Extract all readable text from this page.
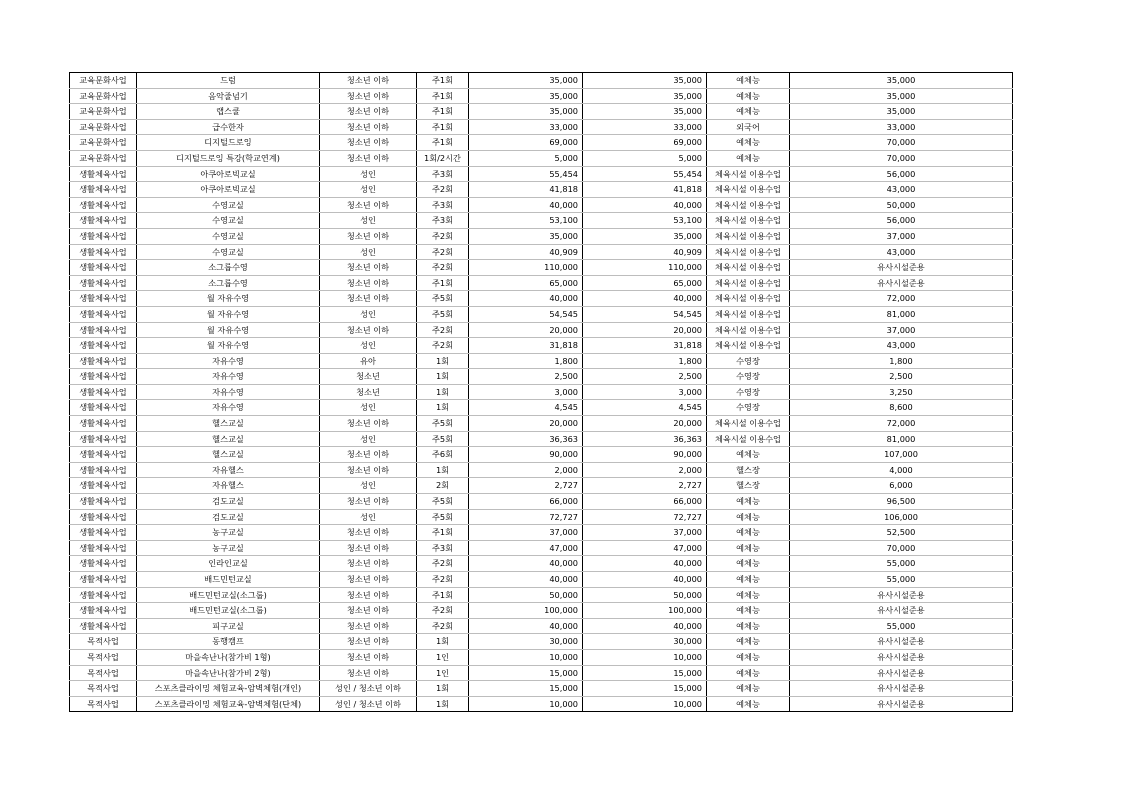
교육문화사업	드럼	청소년 이하	주1회	35,000	35,000	예체능	35,000
교육문화사업	음악줄넘기	청소년 이하	주1회	35,000	35,000	예체능	35,000
교육문화사업	랩스쿨	청소년 이하	주1회	35,000	35,000	예체능	35,000
교육문화사업	급수한자	청소년 이하	주1회	33,000	33,000	외국어	33,000
교육문화사업	디지털드로잉	청소년 이하	주1회	69,000	69,000	예체능	70,000
교육문화사업	디지털드로잉 특강(학교연계)	청소년 이하	1회/2시간	5,000	5,000	예체능	70,000
생활체육사업	아쿠아로빅교실	성인	주3회	55,454	55,454	체육시설 이용수업	56,000
생활체육사업	아쿠아로빅교실	성인	주2회	41,818	41,818	체육시설 이용수업	43,000
생활체육사업	수영교실	청소년 이하	주3회	40,000	40,000	체육시설 이용수업	50,000
생활체육사업	수영교실	성인	주3회	53,100	53,100	체육시설 이용수업	56,000
생활체육사업	수영교실	청소년 이하	주2회	35,000	35,000	체육시설 이용수업	37,000
생활체육사업	수영교실	성인	주2회	40,909	40,909	체육시설 이용수업	43,000
생활체육사업	소그룹수영	청소년 이하	주2회	110,000	110,000	체육시설 이용수업	유사시설준용
생활체육사업	소그룹수영	청소년 이하	주1회	65,000	65,000	체육시설 이용수업	유사시설준용
생활체육사업	월 자유수영	청소년 이하	주5회	40,000	40,000	체육시설 이용수업	72,000
생활체육사업	월 자유수영	성인	주5회	54,545	54,545	체육시설 이용수업	81,000
생활체육사업	월 자유수영	청소년 이하	주2회	20,000	20,000	체육시설 이용수업	37,000
생활체육사업	월 자유수영	성인	주2회	31,818	31,818	체육시설 이용수업	43,000
생활체육사업	자유수영	유아	1회	1,800	1,800	수영장	1,800
생활체육사업	자유수영	청소년	1회	2,500	2,500	수영장	2,500
생활체육사업	자유수영	청소년	1회	3,000	3,000	수영장	3,250
생활체육사업	자유수영	성인	1회	4,545	4,545	수영장	8,600
생활체육사업	헬스교실	청소년 이하	주5회	20,000	20,000	체육시설 이용수업	72,000
생활체육사업	헬스교실	성인	주5회	36,363	36,363	체육시설 이용수업	81,000
생활체육사업	헬스교실	청소년 이하	주6회	90,000	90,000	예체능	107,000
생활체육사업	자유헬스	청소년 이하	1회	2,000	2,000	헬스장	4,000
생활체육사업	자유헬스	성인	2회	2,727	2,727	헬스장	6,000
생활체육사업	검도교실	청소년 이하	주5회	66,000	66,000	예체능	96,500
생활체육사업	검도교실	성인	주5회	72,727	72,727	예체능	106,000
생활체육사업	농구교실	청소년 이하	주1회	37,000	37,000	예체능	52,500
생활체육사업	농구교실	청소년 이하	주3회	47,000	47,000	예체능	70,000
생활체육사업	인라인교실	청소년 이하	주2회	40,000	40,000	예체능	55,000
생활체육사업	배드민턴교실	청소년 이하	주2회	40,000	40,000	예체능	55,000
생활체육사업	배드민턴교실(소그룹)	청소년 이하	주1회	50,000	50,000	예체능	유사시설준용
생활체육사업	배드민턴교실(소그룹)	청소년 이하	주2회	100,000	100,000	예체능	유사시설준용
생활체육사업	피구교실	청소년 이하	주2회	40,000	40,000	예체능	55,000
목적사업	동행캠프	청소년 이하	1회	30,000	30,000	예체능	유사시설준용
목적사업	마을속난나(참가비 1형)	청소년 이하	1인	10,000	10,000	예체능	유사시설준용
목적사업	마을속난나(참가비 2형)	청소년 이하	1인	15,000	15,000	예체능	유사시설준용
목적사업	스포츠클라이밍 체험교육-암벽체험(개인)	성인 / 청소년 이하	1회	15,000	15,000	예체능	유사시설준용
목적사업	스포츠클라이밍 체험교육-암벽체험(단체)	성인 / 청소년 이하	1회	10,000	10,000	예체능	유사시설준용
